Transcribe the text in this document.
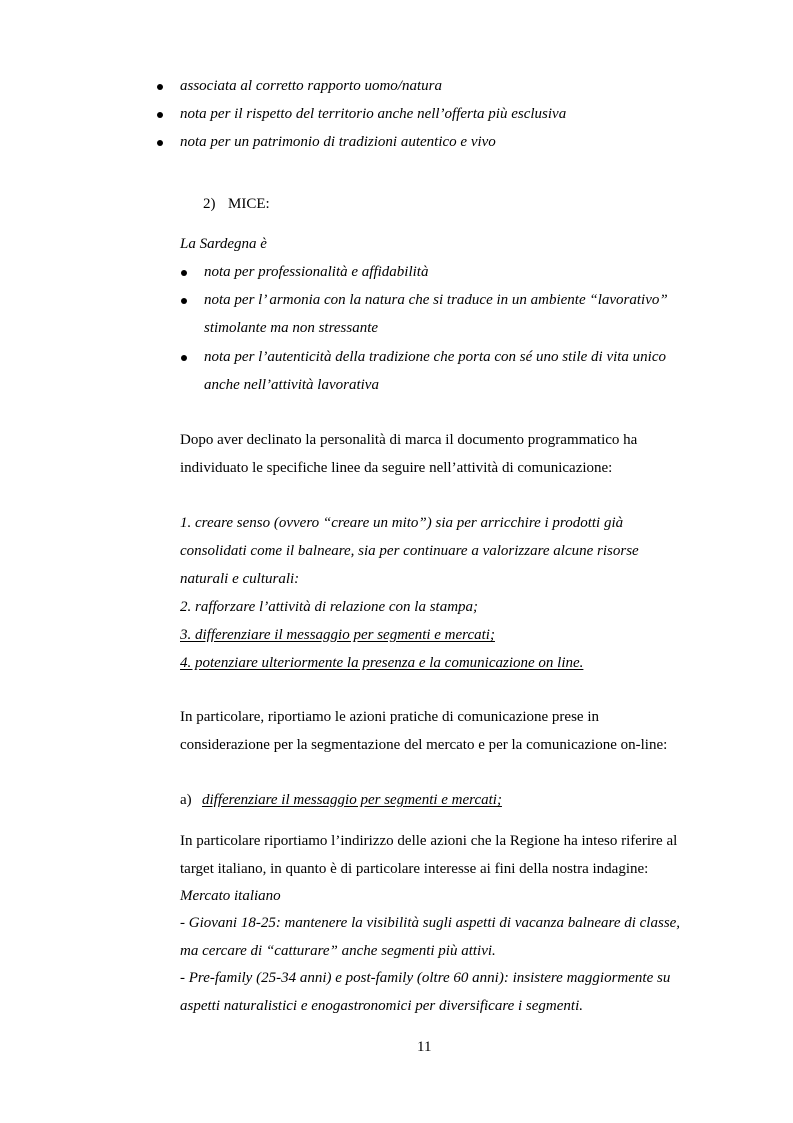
associata al corretto rapporto uomo/natura
nota per il rispetto del territorio anche nell’offerta più esclusiva
nota per un patrimonio di tradizioni autentico e vivo
2) MICE:
La Sardegna è
nota per professionalità e affidabilità
nota per l’ armonia con la natura che si traduce in un ambiente “lavorativo”
stimolante ma non stressante
nota per l’autenticità della tradizione che porta con sé uno stile di vita unico
anche nell’attività lavorativa
Dopo aver declinato la personalità di marca il documento programmatico ha
individuato le specifiche linee da seguire nell’attività di comunicazione:
1. creare senso (ovvero “creare un mito”) sia per arricchire i prodotti già
consolidati come il balneare, sia per continuare a valorizzare alcune risorse
naturali e culturali:
2. rafforzare l’attività di relazione con la stampa;
3. differenziare il messaggio per segmenti e mercati;
4. potenziare ulteriormente la presenza e la comunicazione on line.
In particolare, riportiamo le azioni pratiche di comunicazione prese in
considerazione per la segmentazione del mercato e per la comunicazione on-line:
a) differenziare il messaggio per segmenti e mercati;
In particolare riportiamo l’indirizzo delle azioni che la Regione ha inteso riferire al
target italiano, in quanto è di particolare interesse ai fini della nostra indagine:
Mercato italiano
- Giovani 18-25: mantenere la visibilità sugli aspetti di vacanza balneare di classe,
ma cercare di “catturare” anche segmenti più attivi.
- Pre-family (25-34 anni) e post-family (oltre 60 anni): insistere maggiormente su
aspetti naturalistici e enogastronomici per diversificare i segmenti.
11
